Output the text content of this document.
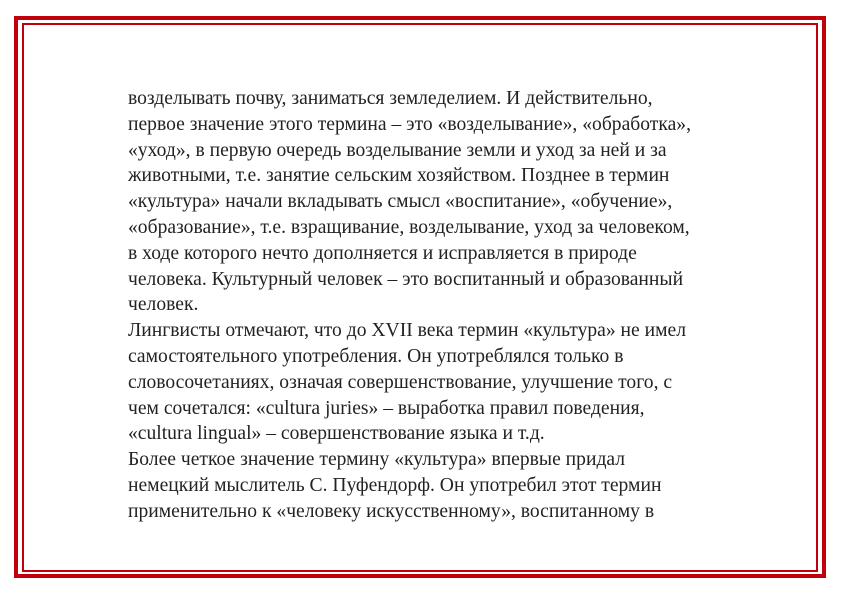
возделывать почву, заниматься земледелием. И действительно,
первое значение этого термина – это «возделывание», «обработка»,
«уход», в первую очередь возделывание земли и уход за ней и за
животными, т.е. занятие сельским хозяйством. Позднее в термин
«культура» начали вкладывать смысл «воспитание», «обучение»,
«образование», т.е. взращивание, возделывание, уход за человеком,
в ходе которого нечто дополняется и исправляется в природе
человека. Культурный человек – это воспитанный и образованный
человек.
Лингвисты отмечают, что до XVII века термин «культура» не имел
самостоятельного употребления. Он употреблялся только в
словосочетаниях, означая совершенствование, улучшение того, с
чем сочетался: «cultura juries» – выработка правил поведения,
«cultura lingual» – совершенствование языка и т.д.
Более четкое значение термину «культура» впервые придал
немецкий мыслитель С. Пуфендорф. Он употребил этот термин
применительно к «человеку искусственному», воспитанному в
